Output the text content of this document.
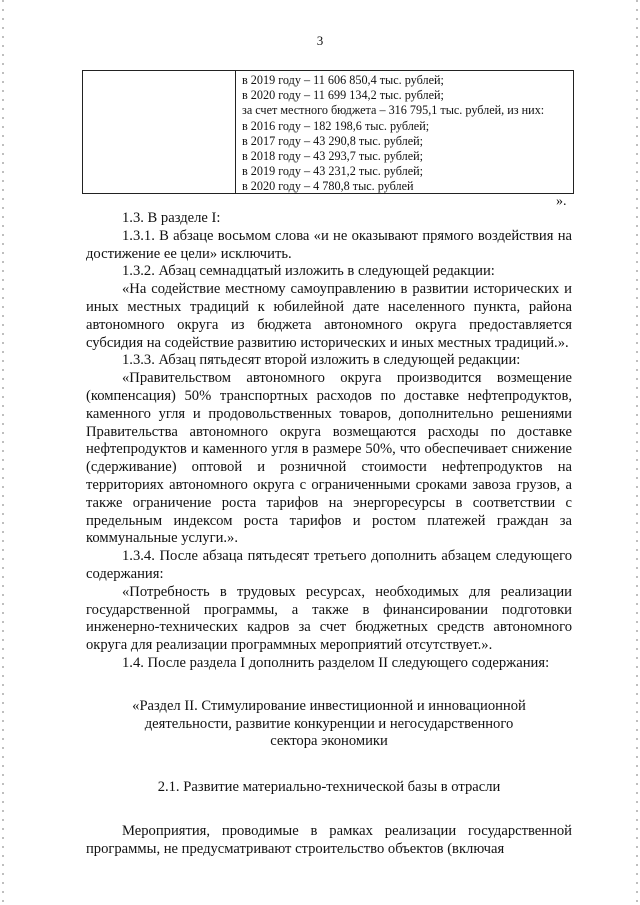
3
в 2019 году – 11 606 850,4 тыс. рублей;
в 2020 году – 11 699 134,2 тыс. рублей;
за счет местного бюджета – 316 795,1 тыс. рублей, из них:
в 2016 году – 182 198,6 тыс. рублей;
в 2017 году – 43 290,8 тыс. рублей;
в 2018 году – 43 293,7 тыс. рублей;
в 2019 году – 43 231,2 тыс. рублей;
в 2020 году – 4 780,8 тыс. рублей
».

1.3. В разделе I:

1.3.1. В абзаце восьмом слова «и не оказывают прямого воздействия на достижение ее цели» исключить.

1.3.2. Абзац семнадцатый изложить в следующей редакции:

«На содействие местному самоуправлению в развитии исторических и иных местных традиций к юбилейной дате населенного пункта, района автономного округа из бюджета автономного округа предоставляется субсидия на содействие развитию исторических и иных местных традиций.».

1.3.3. Абзац пятьдесят второй изложить в следующей редакции:

«Правительством автономного округа производится возмещение (компенсация) 50% транспортных расходов по доставке нефтепродуктов, каменного угля и продовольственных товаров, дополнительно решениями Правительства автономного округа возмещаются расходы по доставке нефтепродуктов и каменного угля в размере 50%, что обеспечивает снижение (сдерживание) оптовой и розничной стоимости нефтепродуктов на территориях автономного округа с ограниченными сроками завоза грузов, а также ограничение роста тарифов на энергоресурсы в соответствии с предельным индексом роста тарифов и ростом платежей граждан за коммунальные услуги.».

1.3.4. После абзаца пятьдесят третьего дополнить абзацем следующего содержания:

«Потребность в трудовых ресурсах, необходимых для реализации государственной программы, а также в финансировании подготовки инженерно-технических кадров за счет бюджетных средств автономного округа для реализации программных мероприятий отсутствует.».

1.4. После раздела I дополнить разделом II следующего содержания:

«Раздел II. Стимулирование инвестиционной и инновационной
деятельности, развитие конкуренции и негосударственного
сектора экономики

2.1. Развитие материально-технической базы в отрасли

Мероприятия, проводимые в рамках реализации государственной программы, не предусматривают строительство объектов (включая
